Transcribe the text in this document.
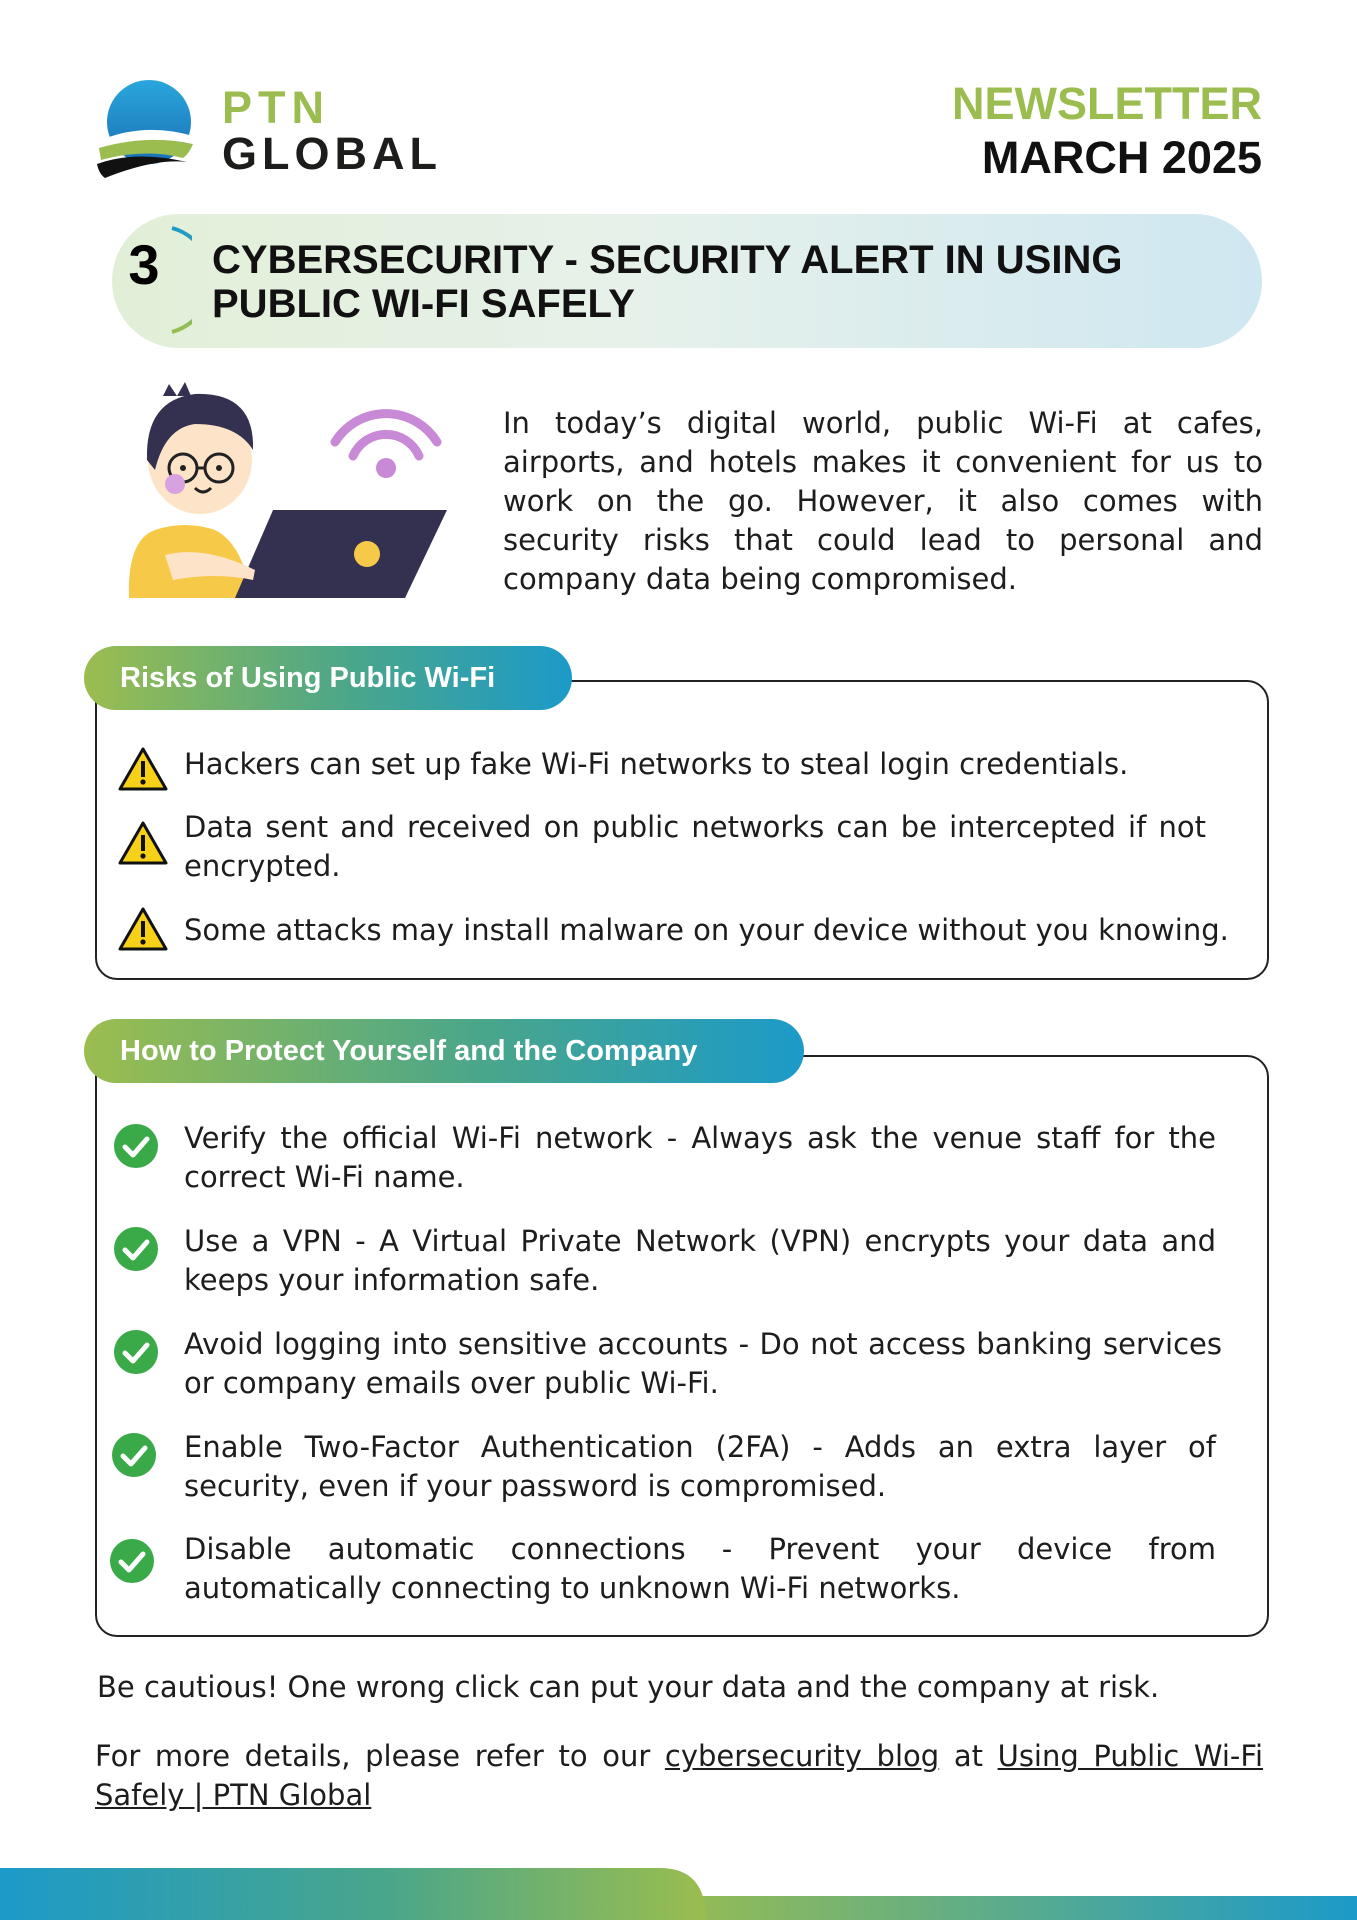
PTN
GLOBAL
NEWSLETTER
MARCH 2025
3	CYBERSECURITY - SECURITY ALERT IN USING PUBLIC WI-FI SAFELY
In today’s digital world, public Wi-Fi at cafes, airports, and hotels makes it convenient for us to work on the go. However, it also comes with security risks that could lead to personal and company data being compromised.
Risks of Using Public Wi-Fi
Hackers can set up fake Wi-Fi networks to steal login credentials.
Data sent and received on public networks can be intercepted if not encrypted.
Some attacks may install malware on your device without you knowing.
How to Protect Yourself and the Company
Verify the official Wi-Fi network - Always ask the venue staff for the correct Wi-Fi name.
Use a VPN - A Virtual Private Network (VPN) encrypts your data and keeps your information safe.
Avoid logging into sensitive accounts - Do not access banking services or company emails over public Wi-Fi.
Enable Two-Factor Authentication (2FA) - Adds an extra layer of security, even if your password is compromised.
Disable automatic connections - Prevent your device from automatically connecting to unknown Wi-Fi networks.
Be cautious! One wrong click can put your data and the company at risk.
For more details, please refer to our cybersecurity blog at Using Public Wi-Fi Safely | PTN Global
